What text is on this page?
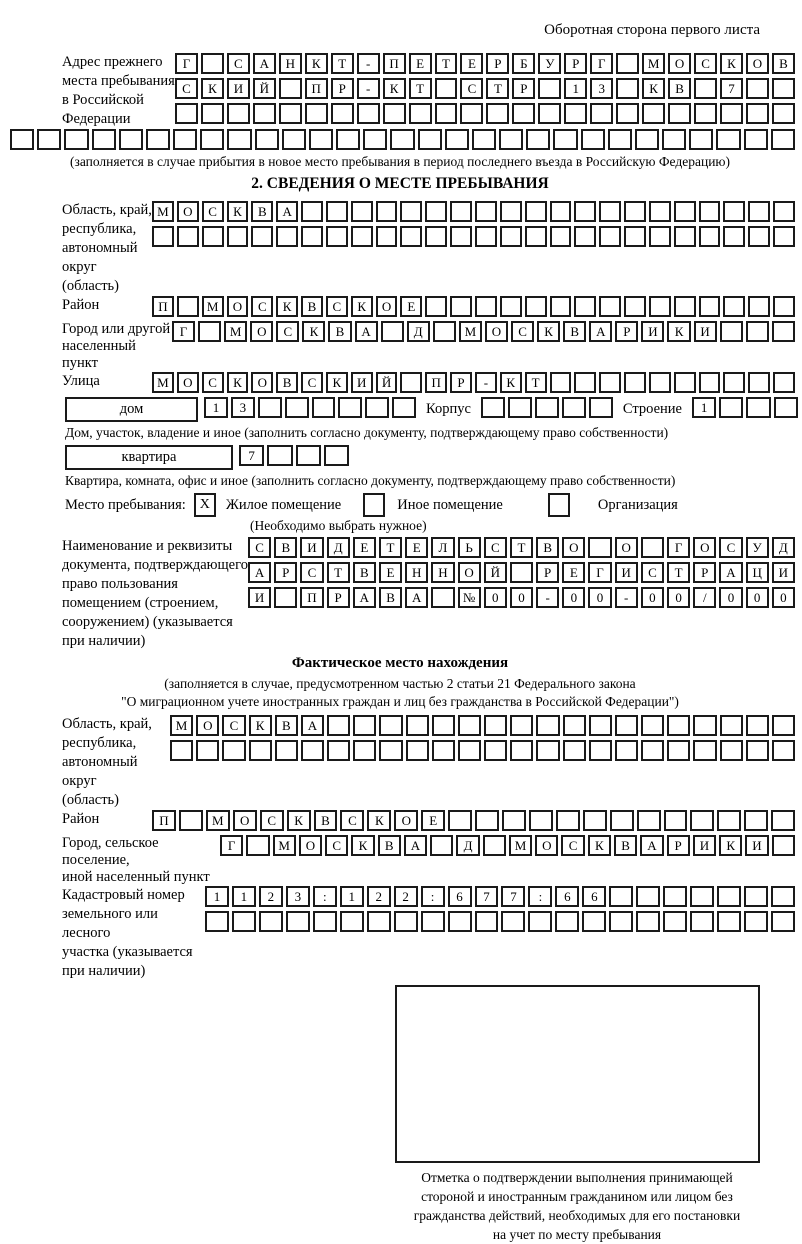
Оборотная сторона первого листа
Адрес прежнего
места пребывания
в Российской
Федерации
Г	С	А	Н	К	Т	-	П	Е	Т	Е	Р	Б	У	Р	Г	М	О	С	К	О	В
С	К	И	Й	П	Р	-	К	Т	С	Т	Р	1	3	К	В	7
(заполняется в случае прибытия в новое место пребывания в период последнего въезда в Российскую Федерацию)
2. СВЕДЕНИЯ О МЕСТЕ ПРЕБЫВАНИЯ
Область, край,
республика,
автономный
округ (область)
М	О	С	К	В	А
Район	П	М	О	С	К	В	С	К	О	Е
Город или другой
населенный пункт
Г	М	О	С	К	В	А	Д	М	О	С	К	В	А	Р	И	К	И
Улица	М	О	С	К	О	В	С	К	И	Й	П	Р	-	К	Т
дом	1	3	Корпус	Строение	1
Дом, участок, владение и иное (заполнить согласно документу, подтверждающему право собственности)
квартира	7
Квартира, комната, офис и иное (заполнить согласно документу, подтверждающему право собственности)
Место пребывания: X	Жилое помещение	Иное помещение	Организация
(Необходимо выбрать нужное)
Наименование и реквизиты
документа, подтверждающего
право пользования
помещением (строением,
сооружением) (указывается
при наличии)
С	В	И	Д	Е	Т	Е	Л	Ь	С	Т	В	О	О	Г	О	С	У	Д
А	Р	С	Т	В	Е	Н	Н	О	Й	Р	Е	Г	И	С	Т	Р	А	Ц	И
И	П	Р	А	В	А	№	0	0	-	0	0	-	0	0	/	0	0	0
Фактическое место нахождения
(заполняется в случае, предусмотренном частью 2 статьи 21 Федерального закона
"О миграционном учете иностранных граждан и лиц без гражданства в Российской Федерации")
Область, край,
республика,
автономный округ
(область)
М	О	С	К	В	А
Район	П	М	О	С	К	В	С	К	О	Е
Город, сельское поселение,
иной населенный пункт
Г	М	О	С	К	В	А	Д	М	О	С	К	В	А	Р	И	К	И
Кадастровый номер
земельного или лесного
участка (указывается
при наличии)
1	1	2	3	:	1	2	2	:	6	7	7	:	6	6
Отметка о подтверждении выполнения принимающей
стороной и иностранным гражданином или лицом без
гражданства действий, необходимых для его постановки
на учет по месту пребывания
